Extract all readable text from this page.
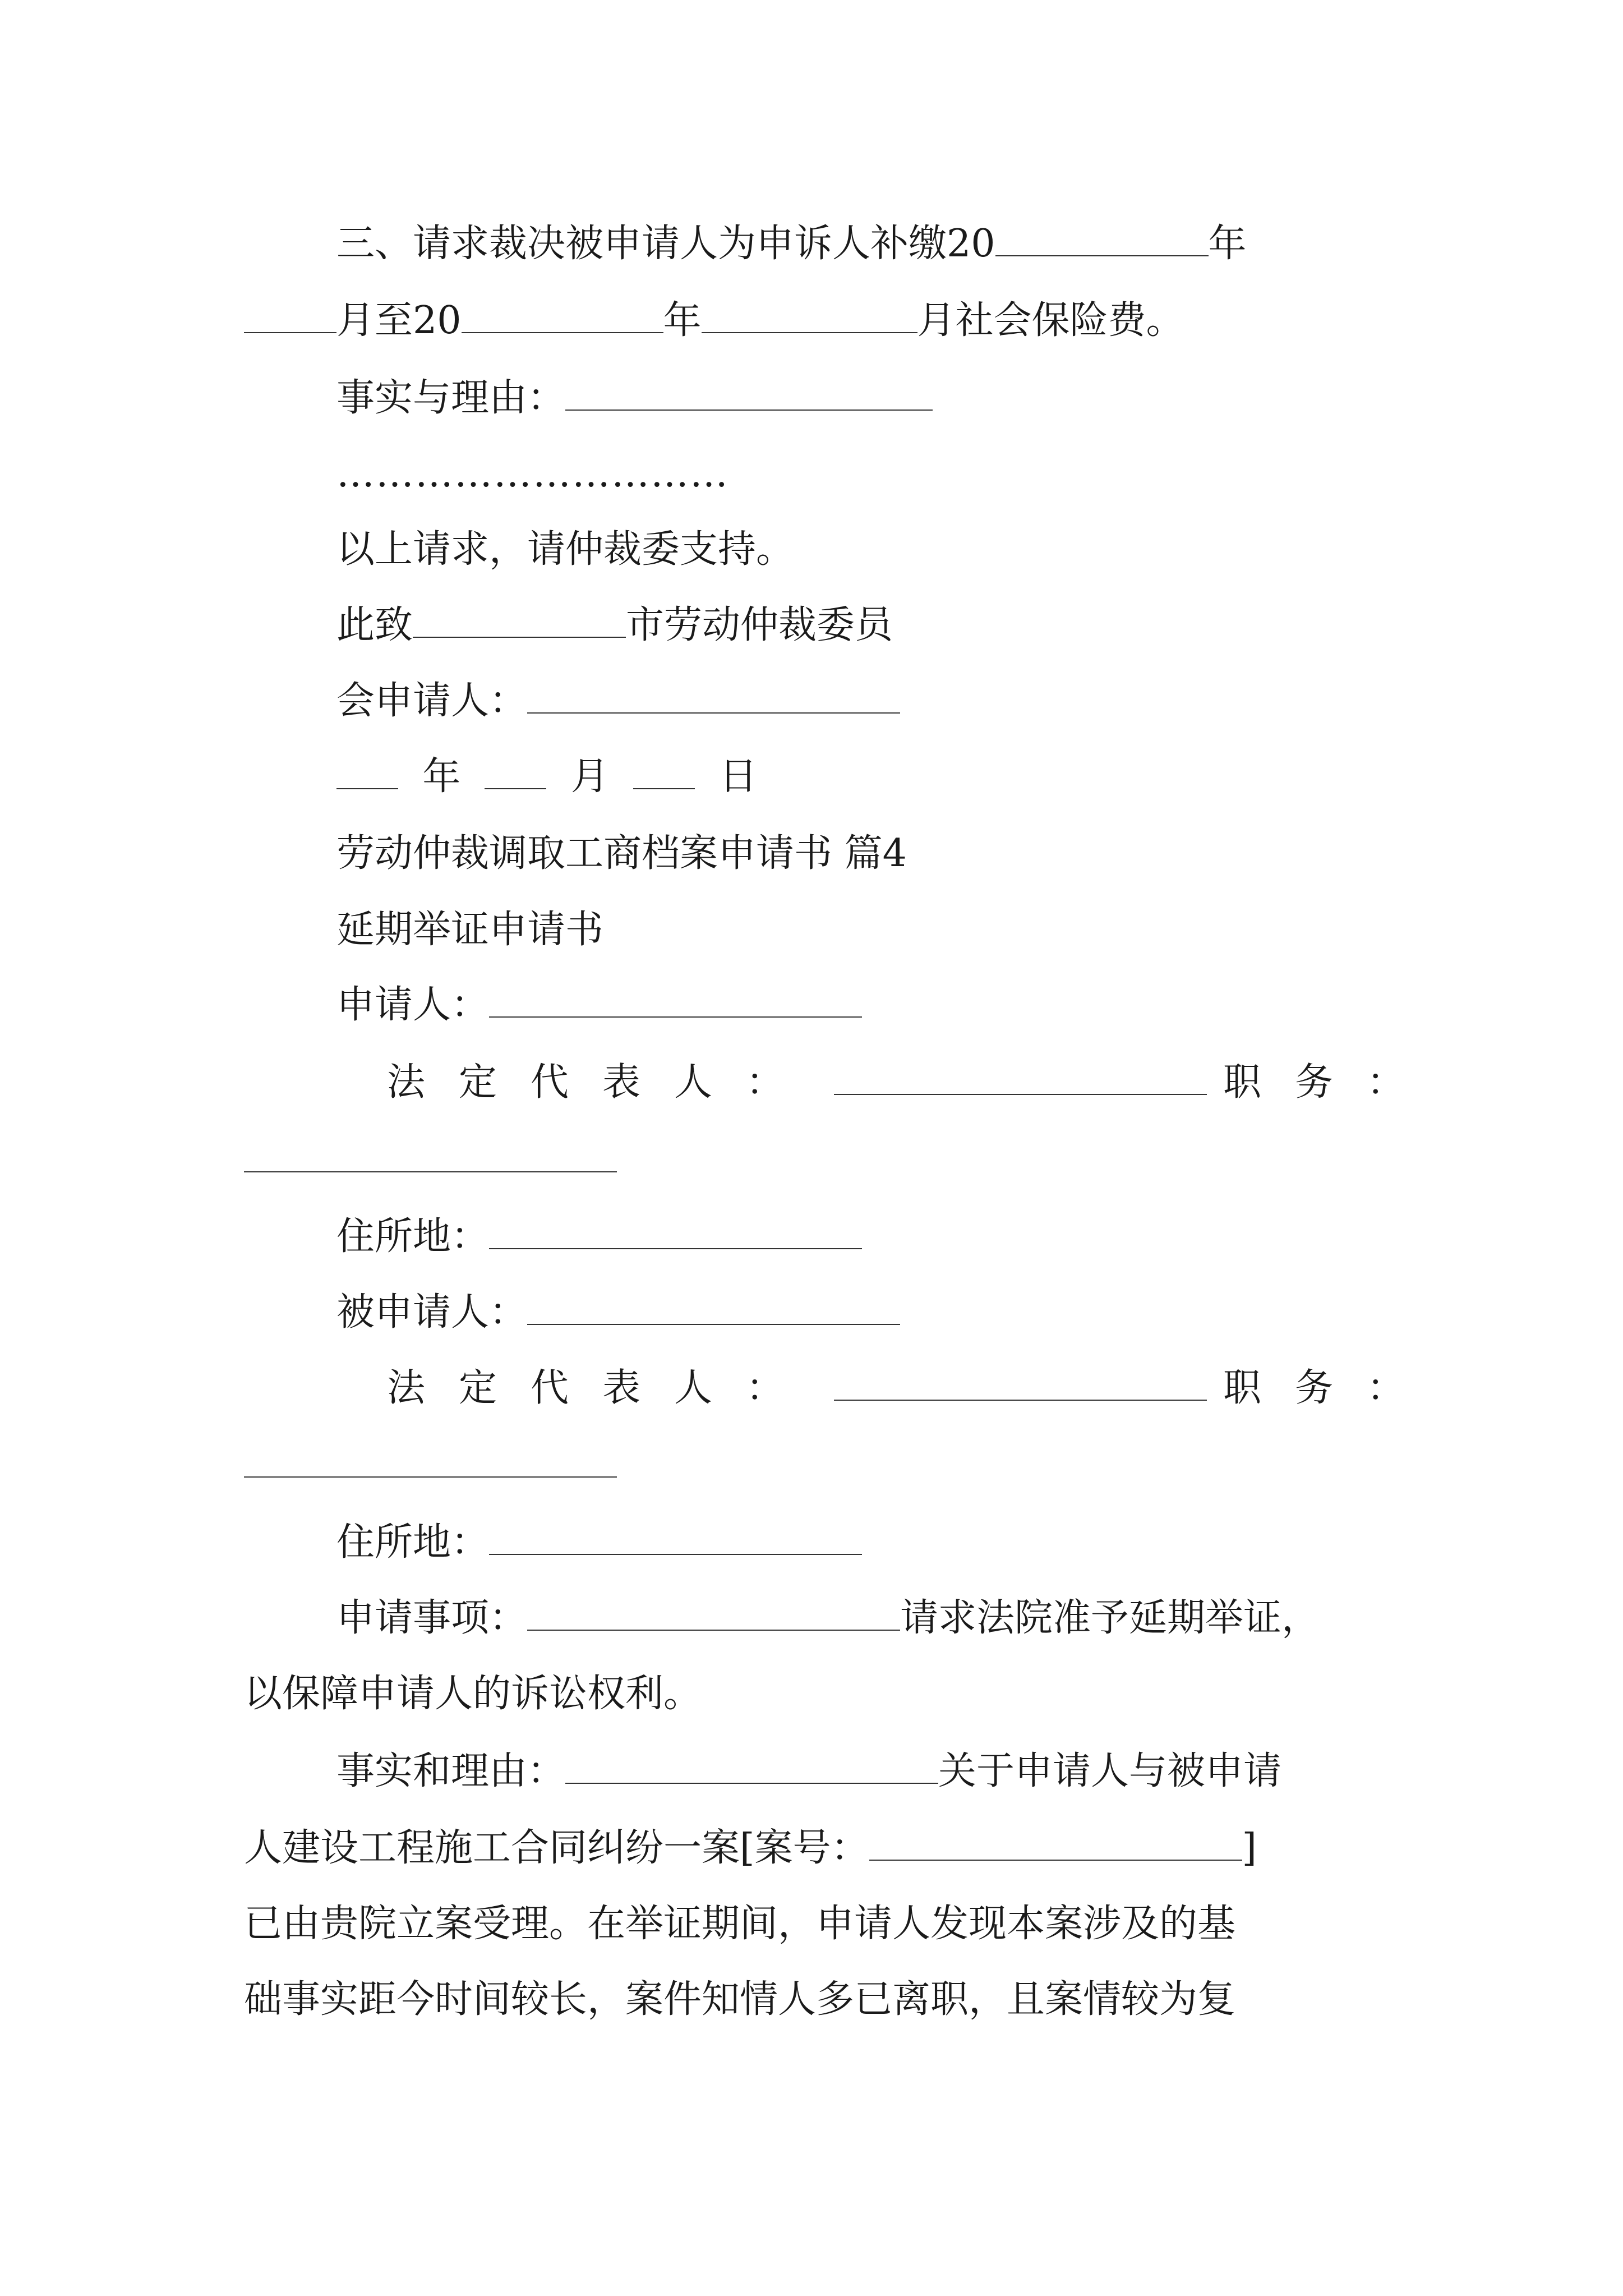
三、请求裁决被申请人为申诉人补缴20	年
月至20	年	月社会保险费。
事实与理由：
…………………………
以上请求，请仲裁委支持。
此致	市劳动仲裁委员
会申请人：
年	月	日
劳动仲裁调取工商档案申请书 篇4
延期举证申请书
申请人：
法定代表人：	职务：
住所地：
被申请人：
法定代表人：	职务：
住所地：
申请事项：	请求法院准予延期举证，
以保障申请人的诉讼权利。
事实和理由：	关于申请人与被申请
人建设工程施工合同纠纷一案[案号：	]
已由贵院立案受理。在举证期间，申请人发现本案涉及的基
础事实距今时间较长，案件知情人多已离职，且案情较为复
